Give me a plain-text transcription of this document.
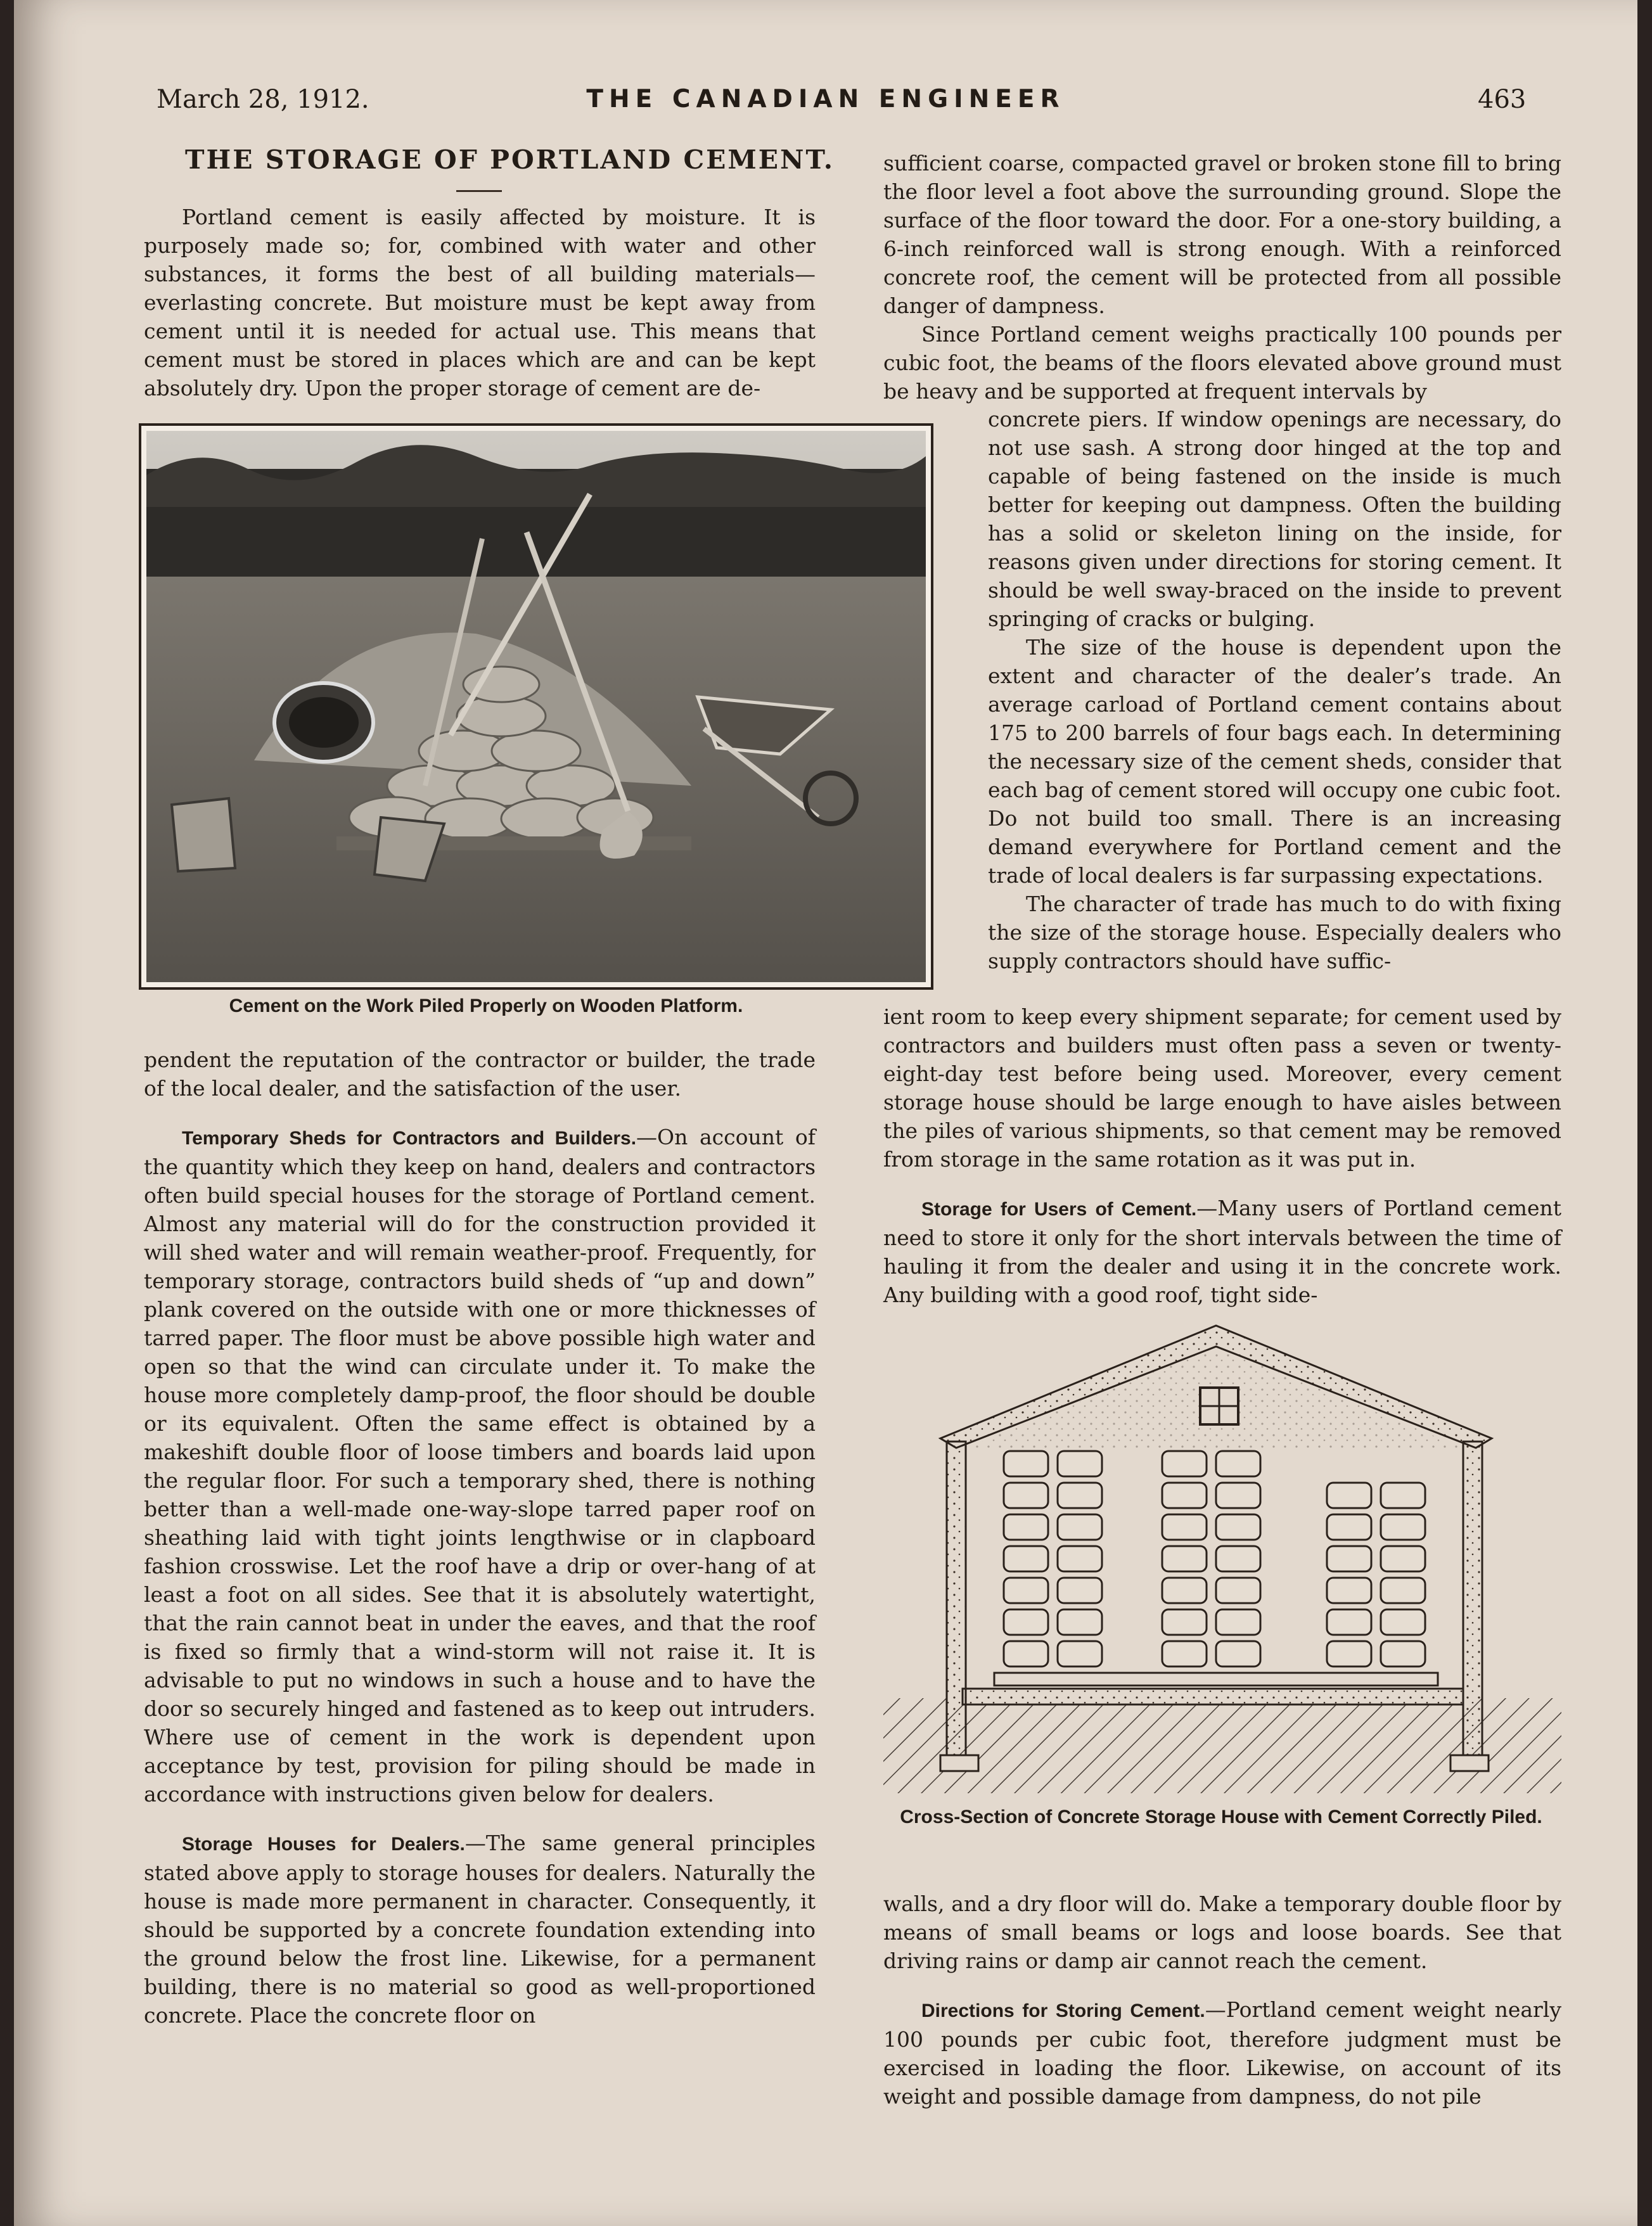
March 28, 1912.	THE CANADIAN ENGINEER	463
THE STORAGE OF PORTLAND CEMENT.

Portland cement is easily affected by moisture. It is purposely made so; for, combined with water and other substances, it forms the best of all building materials— everlasting concrete. But moisture must be kept away from cement until it is needed for actual use. This means that cement must be stored in places which are and can be kept absolutely dry. Upon the proper storage of cement are de-

Cement on the Work Piled Properly on Wooden Platform.

pendent the reputation of the contractor or builder, the trade of the local dealer, and the satisfaction of the user.

Temporary Sheds for Contractors and Builders.—On account of the quantity which they keep on hand, dealers and contractors often build special houses for the storage of Portland cement. Almost any material will do for the construction provided it will shed water and will remain weather-proof. Frequently, for temporary storage, contractors build sheds of “up and down” plank covered on the outside with one or more thicknesses of tarred paper. The floor must be above possible high water and open so that the wind can circulate under it. To make the house more completely damp-proof, the floor should be double or its equivalent. Often the same effect is obtained by a makeshift double floor of loose timbers and boards laid upon the regular floor. For such a temporary shed, there is nothing better than a well-made one-way-slope tarred paper roof on sheathing laid with tight joints lengthwise or in clapboard fashion crosswise. Let the roof have a drip or over-hang of at least a foot on all sides. See that it is absolutely watertight, that the rain cannot beat in under the eaves, and that the roof is fixed so firmly that a wind-storm will not raise it. It is advisable to put no windows in such a house and to have the door so securely hinged and fastened as to keep out intruders. Where use of cement in the work is dependent upon acceptance by test, provision for piling should be made in accordance with instructions given below for dealers.

Storage Houses for Dealers.—The same general principles stated above apply to storage houses for dealers. Naturally the house is made more permanent in character. Consequently, it should be supported by a concrete foundation extending into the ground below the frost line. Likewise, for a permanent building, there is no material so good as well-proportioned concrete. Place the concrete floor on

sufficient coarse, compacted gravel or broken stone fill to bring the floor level a foot above the surrounding ground. Slope the surface of the floor toward the door. For a one-story building, a 6-inch reinforced wall is strong enough. With a reinforced concrete roof, the cement will be protected from all possible danger of dampness.

Since Portland cement weighs practically 100 pounds per cubic foot, the beams of the floors elevated above ground must be heavy and be supported at frequent intervals by

concrete piers. If window openings are necessary, do not use sash. A strong door hinged at the top and capable of being fastened on the inside is much better for keeping out dampness. Often the building has a solid or skeleton lining on the inside, for reasons given under directions for storing cement. It should be well sway-braced on the inside to prevent springing of cracks or bulging.

The size of the house is dependent upon the extent and character of the dealer’s trade. An average carload of Portland cement contains about 175 to 200 barrels of four bags each. In determining the necessary size of the cement sheds, consider that each bag of cement stored will occupy one cubic foot. Do not build too small. There is an increasing demand everywhere for Portland cement and the trade of local dealers is far surpassing expectations.

The character of trade has much to do with fixing the size of the storage house. Especially dealers who supply contractors should have suffic-

ient room to keep every shipment separate; for cement used by contractors and builders must often pass a seven or twenty-eight-day test before being used. Moreover, every cement storage house should be large enough to have aisles between the piles of various shipments, so that cement may be removed from storage in the same rotation as it was put in.

Storage for Users of Cement.—Many users of Portland cement need to store it only for the short intervals between the time of hauling it from the dealer and using it in the concrete work. Any building with a good roof, tight side-

Cross-Section of Concrete Storage House with Cement Correctly Piled.

walls, and a dry floor will do. Make a temporary double floor by means of small beams or logs and loose boards. See that driving rains or damp air cannot reach the cement.

Directions for Storing Cement.—Portland cement weight nearly 100 pounds per cubic foot, therefore judgment must be exercised in loading the floor. Likewise, on account of its weight and possible damage from dampness, do not pile
